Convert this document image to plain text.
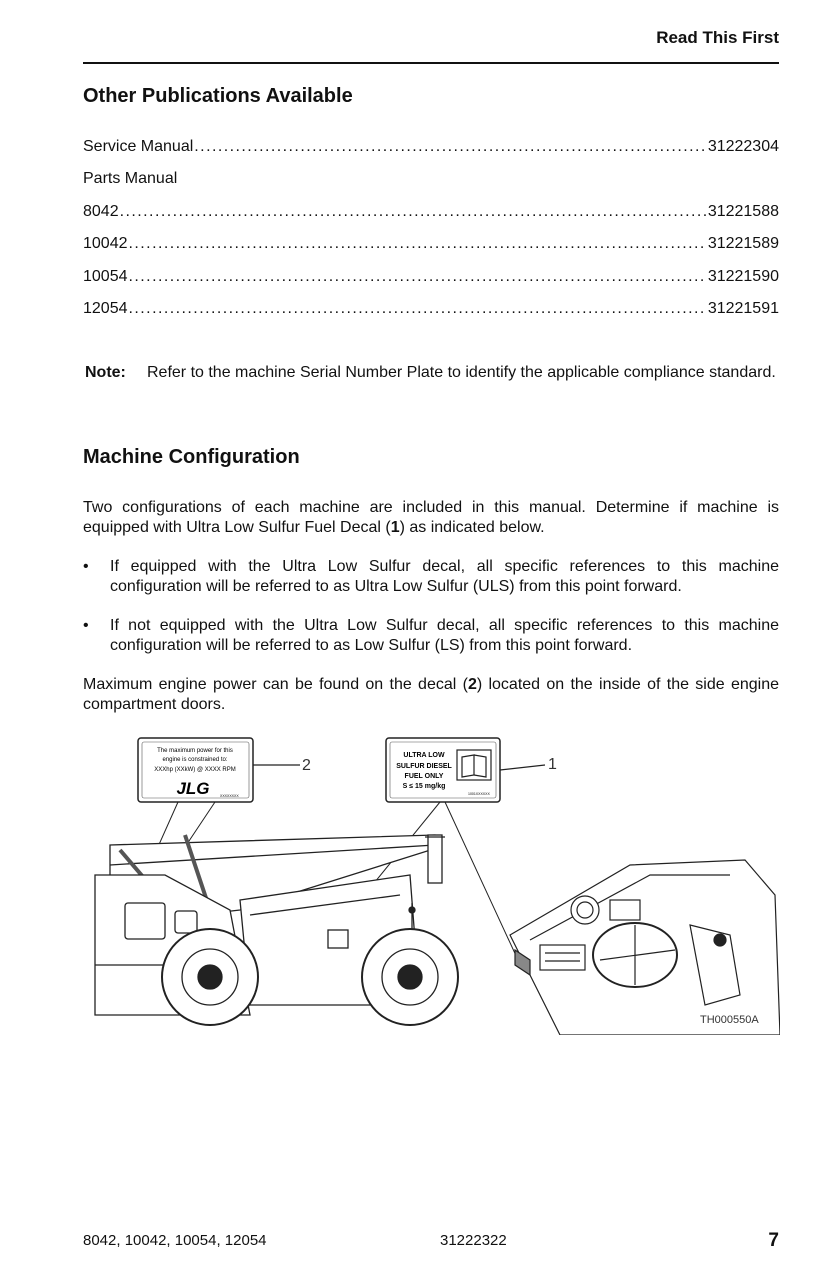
Read This First
Other Publications Available
Service Manual . . .	31222304
Parts Manual
8042 . . .	31221588
10042 . . .	31221589
10054 . . .	31221590
12054 . . .	31221591
Note:	Refer to the machine Serial Number Plate to identify the applicable compliance standard.
Machine Configuration

Two configurations of each machine are included in this manual. Determine if machine is equipped with Ultra Low Sulfur Fuel Decal (1) as indicated below.

•	If equipped with the Ultra Low Sulfur decal, all specific references to this machine configuration will be referred to as Ultra Low Sulfur (ULS) from this point forward.
•	If not equipped with the Ultra Low Sulfur decal, all specific references to this machine configuration will be referred to as Low Sulfur (LS) from this point forward.

Maximum engine power can be found on the decal (2) located on the inside of the side engine compartment doors.

The maximum power for this
engine is constrained to:
XXXhp (XXkW) @ XXXX RPM
JLG	XXXXXXXX
2
ULTRA LOW
SULFUR DIESEL
FUEL ONLY
S ≤ 15 mg/kg
1001XXXXXX
1
TH000550A
8042, 10042, 10054, 12054	31222322	7
